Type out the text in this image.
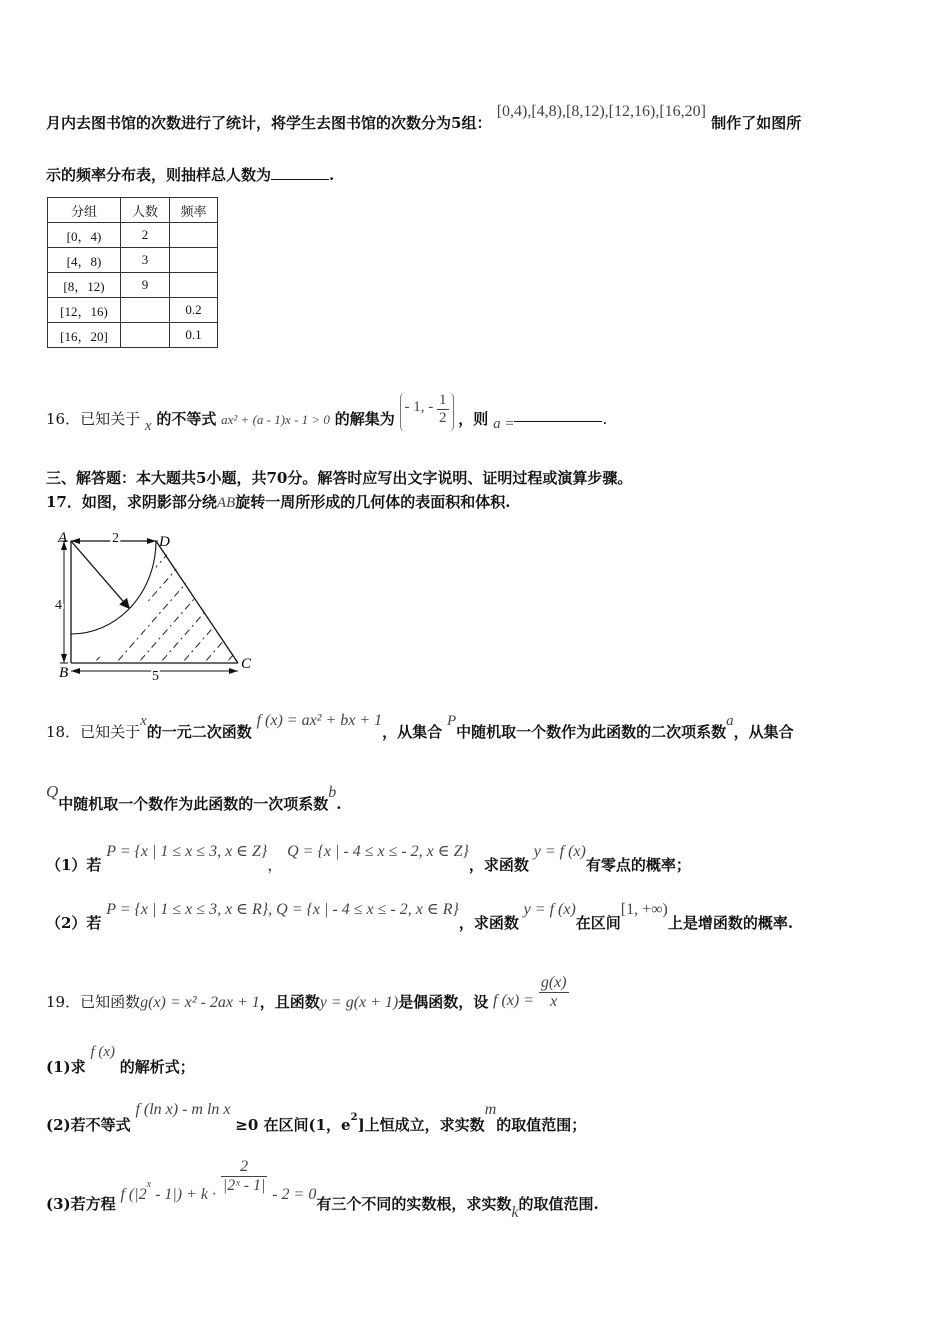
月内去图书馆的次数进行了统计，将学生去图书馆的次数分为5组： [0,4),[4,8),[8,12),[12,16),[16,20] 制作了如图所
示的频率分布表，则抽样总人数为	.
分组	人数	频率
[0，4)	2	
[4，8)	3	
[8，12)	9	
[12，16)		0.2
[16，20]		0.1
16．已知关于 x 的不等式 ax² + (a - 1)x - 1 > 0 的解集为 - 1, - $\frac{1}{2}$ ，则 a =	.
三、解答题：本大题共5小题，共70分。解答时应写出文字说明、证明过程或演算步骤。
17．如图，求阴影部分绕AB旋转一周所形成的几何体的表面积和体积.
A	D
B
C
2
4
5
18．已知关于x的一元二次函数 f (x) = ax² + bx + 1，从集合 P中随机取一个数作为此函数的二次项系数a，从集合
Q中随机取一个数作为此函数的一次项系数b.
（1）若 P = {x | 1 ≤ x ≤ 3, x ∈ Z}， Q = {x | - 4 ≤ x ≤ - 2, x ∈ Z}，求函数 y = f (x)有零点的概率；
（2）若 P = {x | 1 ≤ x ≤ 3, x ∈ R}, Q = {x | - 4 ≤ x ≤ - 2, x ∈ R}，求函数 y = f (x)在区间[1, +∞)上是增函数的概率.
19．已知函数g(x) = x² - 2ax + 1，且函数y = g(x + 1)是偶函数，设 f $(x) = \frac{g(x)}{x}$
(1)求 f (x) 的解析式；
(2)若不等式 f (ln x) - m ln x ≥0 在区间(1，$e^2$]上恒成立，求实数m的取值范围；
(3)若方程 f $(|2^x - 1|) + k \cdot \frac{2}{\text{|2ˣ - 1|}} - 2 = 0$有三个不同的实数根，求实数k的取值范围.
